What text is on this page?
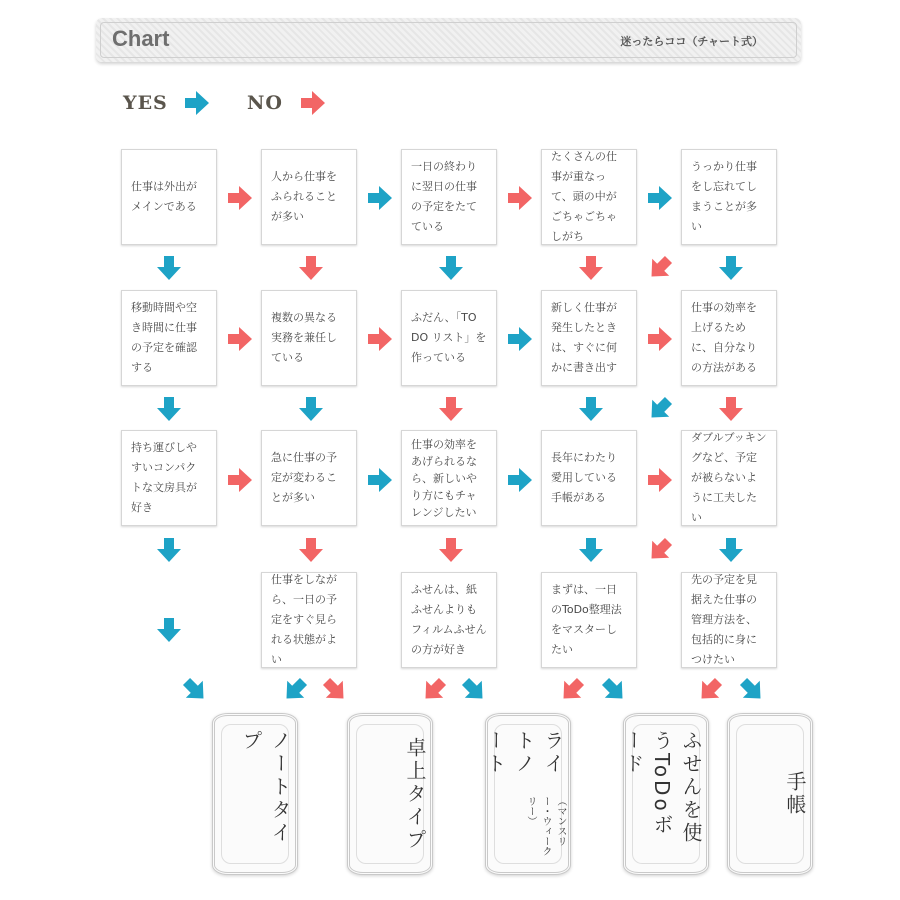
Chart	迷ったらココ（チャート式）
YES	NO
仕事は外出がメインである
人から仕事をふられることが多い
一日の終わりに翌日の仕事の予定をたてている
たくさんの仕事が重なって、頭の中がごちゃごちゃしがち
うっかり仕事をし忘れてしまうことが多い
移動時間や空き時間に仕事の予定を確認する
複数の異なる実務を兼任している
ふだん、「TO DO リスト」を作っている
新しく仕事が発生したときは、すぐに何かに書き出す
仕事の効率を上げるために、自分なりの方法がある
持ち運びしやすいコンパクトな文房具が好き
急に仕事の予定が変わることが多い
仕事の効率をあげられるなら、新しいやり方にもチャレンジしたい
長年にわたり愛用している手帳がある
ダブルブッキングなど、予定が被らないように工夫したい
仕事をしながら、一日の予定をすぐ見られる状態がよい
ふせんは、紙ふせんよりもフィルムふせんの方が好き
まずは、一日のToDo整理法をマスターしたい
先の予定を見据えた仕事の管理方法を、包括的に身につけたい
ノートタイプ	卓上タイプ	ライトノート
（マンスリー・ウィークリー）	ふせんを使うToDoボード
手帳
